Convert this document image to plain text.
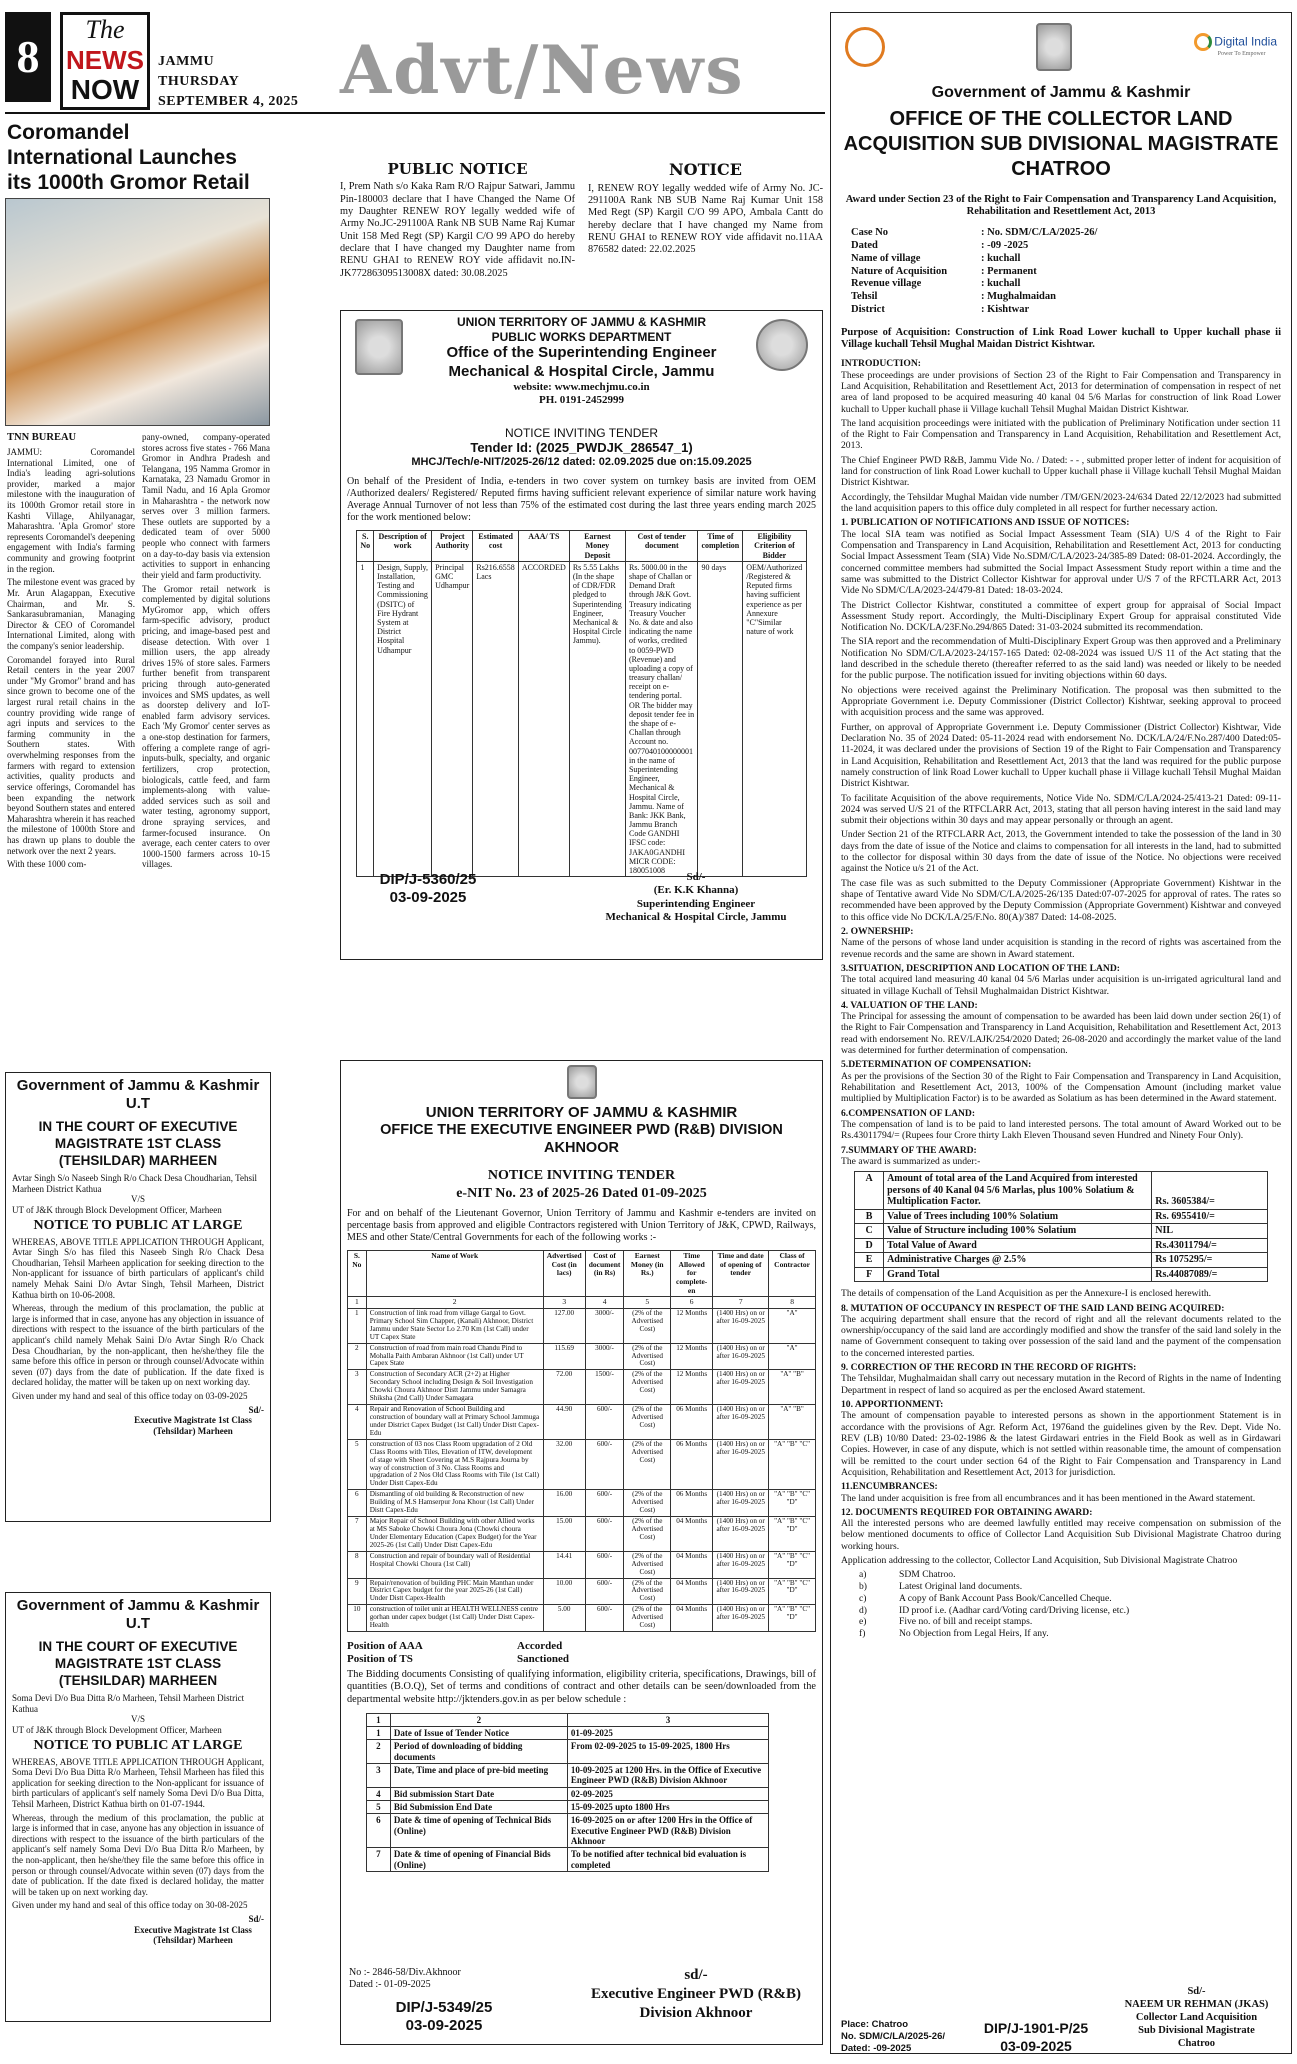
8
The
NEWS
NOW
JAMMU
THURSDAY
SEPTEMBER 4, 2025 Advt/News
Coromandel International Launches its 1000th Gromor Retail
TNN BUREAU

JAMMU: Coromandel International Limited, one of India's leading agri-solutions provider, marked a major milestone with the inauguration of its 1000th Gromor retail store in Kashti Village, Ahilyanagar, Maharashtra. 'Apla Gromor' store represents Coromandel's deepening engagement with India's farming community and growing footprint in the region.

The milestone event was graced by Mr. Arun Alagappan, Executive Chairman, and Mr. S. Sankarasubramanian, Managing Director & CEO of Coromandel International Limited, along with the company's senior leadership.

Coromandel forayed into Rural Retail centers in the year 2007 under "My Gromor" brand and has since grown to become one of the largest rural retail chains in the country providing wide range of agri inputs and services to the farming community in the Southern states. With overwhelming responses from the farmers with regard to extension activities, quality products and service offerings, Coromandel has been expanding the network beyond Southern states and entered Maharashtra wherein it has reached the milestone of 1000th Store and has drawn up plans to double the network over the next 2 years.

With these 1000 com-

pany-owned, company-operated stores across five states - 766 Mana Gromor in Andhra Pradesh and Telangana, 195 Namma Gromor in Karnataka, 23 Namadu Gromor in Tamil Nadu, and 16 Apla Gromor in Maharashtra - the network now serves over 3 million farmers. These outlets are supported by a dedicated team of over 5000 people who connect with farmers on a day-to-day basis via extension activities to support in enhancing their yield and farm productivity.

The Gromor retail network is complemented by digital solutions MyGromor app, which offers farm-specific advisory, product pricing, and image-based pest and disease detection. With over 1 million users, the app already drives 15% of store sales. Farmers further benefit from transparent pricing through auto-generated invoices and SMS updates, as well as doorstep delivery and IoT-enabled farm advisory services. Each 'My Gromor' center serves as a one-stop destination for farmers, offering a complete range of agri-inputs-bulk, specialty, and organic fertilizers, crop protection, biologicals, cattle feed, and farm implements-along with value-added services such as soil and water testing, agronomy support, drone spraying services, and farmer-focused insurance. On average, each center caters to over 1000-1500 farmers across 10-15 villages.

Government of Jammu & Kashmir U.T
IN THE COURT OF EXECUTIVE MAGISTRATE 1ST CLASS (TEHSILDAR) MARHEEN
Avtar Singh S/o Naseeb Singh R/o Chack Desa Choudharian, Tehsil Marheen District Kathua
V/S
UT of J&K through Block Development Officer, Marheen
NOTICE TO PUBLIC AT LARGE

WHEREAS, ABOVE TITLE APPLICATION THROUGH Applicant, Avtar Singh S/o has filed this Naseeb Singh R/o Chack Desa Choudharian, Tehsil Marheen application for seeking direction to the Non-applicant for issuance of birth particulars of applicant's child namely Mehak Saini D/o Avtar Singh, Tehsil Marheen, District Kathua birth on 10-06-2008.

Whereas, through the medium of this proclamation, the public at large is informed that in case, anyone has any objection in issuance of directions with respect to the issuance of the birth particulars of the applicant's child namely Mehak Saini D/o Avtar Singh R/o Chack Desa Choudharian, by the non-applicant, then he/she/they file the same before this office in person or through counsel/Advocate within seven (07) days from the date of publication. If the date fixed is declared holiday, the matter will be taken up on next working day.

Given under my hand and seal of this office today on 03-09-2025

Sd/-
Executive Magistrate 1st Class (Tehsildar) Marheen
Government of Jammu & Kashmir U.T
IN THE COURT OF EXECUTIVE MAGISTRATE 1ST CLASS (TEHSILDAR) MARHEEN
Soma Devi D/o Bua Ditta R/o Marheen, Tehsil Marheen District Kathua
V/S
UT of J&K through Block Development Officer, Marheen
NOTICE TO PUBLIC AT LARGE

WHEREAS, ABOVE TITLE APPLICATION THROUGH Applicant, Soma Devi D/o Bua Ditta R/o Marheen, Tehsil Marheen has filed this application for seeking direction to the Non-applicant for issuance of birth particulars of applicant's self namely Soma Devi D/o Bua Ditta, Tehsil Marheen, District Kathua birth on 01-07-1944.

Whereas, through the medium of this proclamation, the public at large is informed that in case, anyone has any objection in issuance of directions with respect to the issuance of the birth particulars of the applicant's self namely Soma Devi D/o Bua Ditta R/o Marheen, by the non-applicant, then he/she/they file the same before this office in person or through counsel/Advocate within seven (07) days from the date of publication. If the date fixed is declared holiday, the matter will be taken up on next working day.

Given under my hand and seal of this office today on 30-08-2025

Sd/-
Executive Magistrate 1st Class (Tehsildar) Marheen
PUBLIC NOTICE
I, Prem Nath s/o Kaka Ram R/O Rajpur Satwari, Jammu Pin-180003 declare that I have Changed the Name Of my Daughter RENEW ROY legally wedded wife of Army No.JC-291100A Rank NB SUB Name Raj Kumar Unit 158 Med Regt (SP) Kargil C/O 99 APO do hereby declare that I have changed my Daughter name from RENU GHAI to RENEW ROY vide affidavit no.IN-JK77286309513008X dated: 30.08.2025
NOTICE
I, RENEW ROY legally wedded wife of Army No. JC-291100A Rank NB SUB Name Raj Kumar Unit 158 Med Regt (SP) Kargil C/O 99 APO, Ambala Cantt do hereby declare that I have changed my Name from RENU GHAI to RENEW ROY vide affidavit no.11AA 876582 dated: 22.02.2025
UNION TERRITORY OF JAMMU & KASHMIR
PUBLIC WORKS DEPARTMENT
Office of the Superintending Engineer
Mechanical & Hospital Circle, Jammu
website: www.mechjmu.co.in
PH. 0191-2452999
NOTICE INVITING TENDER
Tender Id: (2025_PWDJK_286547_1)
MHCJ/Tech/e-NIT/2025-26/12 dated: 02.09.2025 due on:15.09.2025
On behalf of the President of India, e-tenders in two cover system on turnkey basis are invited from OEM /Authorized dealers/ Registered/ Reputed firms having sufficient relevant experience of similar nature work having Average Annual Turnover of not less than 75% of the estimated cost during the last three years ending march 2025 for the work mentioned below:
S. No	Description of work	Project Authority	Estimated cost	AAA/ TS	Earnest Money Deposit	Cost of tender document	Time of completion	Eligibility Criterion of Bidder
1	Design, Supply, Installation, Testing and Commissioning (DSITC) of Fire Hydrant System at District Hospital Udhampur	Principal GMC Udhampur	Rs216.6558 Lacs	ACCORDED	Rs 5.55 Lakhs (In the shape of CDR/FDR pledged to Superintending Engineer, Mechanical & Hospital Circle Jammu).	Rs. 5000.00 in the shape of Challan or Demand Draft through J&K Govt. Treasury indicating Treasury Voucher No. & date and also indicating the name of works, credited to 0059-PWD (Revenue) and uploading a copy of treasury challan/ receipt on e-tendering portal. OR The bidder may deposit tender fee in the shape of e-Challan through Account no. 0077040100000001 in the name of Superintending Engineer, Mechanical & Hospital Circle, Jammu. Name of Bank: JKK Bank, Jammu Branch Code GANDHI IFSC code: JAKA0GANDHI MICR CODE: 180051008	90 days	OEM/Authorized /Registered & Reputed firms having sufficient experience as per Annexure "C"Similar nature of work
DIP/J-5360/25
03-09-2025
Sd/-
(Er. K.K Khanna)
Superintending Engineer
Mechanical & Hospital Circle, Jammu
UNION TERRITORY OF JAMMU & KASHMIR
OFFICE THE EXECUTIVE ENGINEER PWD (R&B) DIVISION AKHNOOR
NOTICE INVITING TENDER
e-NIT No. 23 of 2025-26 Dated 01-09-2025
For and on behalf of the Lieutenant Governor, Union Territory of Jammu and Kashmir e-tenders are invited on percentage basis from approved and eligible Contractors registered with Union Territory of J&K, CPWD, Railways, MES and other State/Central Governments for each of the following works :-
S. No	Name of Work	Advertised Cost (in lacs)	Cost of document (in Rs)	Earnest Money (in Rs.)	Time Allowed for complete-en	Time and date of opening of tender	Class of Contractor
1	2	3	4	5	6	7	8
1	Construction of link road from village Gargal to Govt. Primary School Sim Chapper, (Kanali) Akhnoor, District Jammu under State Sector Lo 2.70 Km (1st Call) under UT Capex State	127.00	3000/-	(2% of the Advertised Cost)	12 Months	(1400 Hrs) on or after 16-09-2025	"A"
2	Construction of road from main road Chandu Pind to Mohalla Paith Ambaran Akhnoor (1st Call) under UT Capex State	115.69	3000/-	(2% of the Advertised Cost)	12 Months	(1400 Hrs) on or after 16-09-2025	"A"
3	Construction of Secondary ACR (2+2) at Higher Secondary School including Design & Soil Investigation Chowki Choura Akhnoor Distt Jammu under Samagra Shiksha (2nd Call) Under Samagara	72.00	1500/-	(2% of the Advertised Cost)	12 Months	(1400 Hrs) on or after 16-09-2025	"A" "B"
4	Repair and Renovation of School Building and construction of boundary wall at Primary School Jammuga under District Capex Budget (1st Call) Under Distt Capex- Edu	44.90	600/-	(2% of the Advertised Cost)	06 Months	(1400 Hrs) on or after 16-09-2025	"A" "B"
5	construction of 03 nos Class Room upgradation of 2 Old Class Rooms with Tiles, Elevation of ITW, development of stage with Sheet Covering at M.S Rajpura Journa by way of construction of 3 No. Class Rooms and upgradation of 2 Nos Old Class Rooms with Tile (1st Call) Under Distt Capex-Edu	32.00	600/-	(2% of the Advertised Cost)	06 Months	(1400 Hrs) on or after 16-09-2025	"A" "B" "C"
6	Dismantling of old building & Reconstruction of new Building of M.S Hamserpur Jona Khour (1st Call) Under Distt Capex-Edu	16.00	600/-	(2% of the Advertised Cost)	06 Months	(1400 Hrs) on or after 16-09-2025	"A" "B" "C" "D"
7	Major Repair of School Building with other Allied works at MS Saboke Chowki Choura Jona (Chowki choura Under Elementary Education (Capex Budget) for the Year 2025-26 (1st Call) Under Distt Capex-Edu	15.00	600/-	(2% of the Advertised Cost)	04 Months	(1400 Hrs) on or after 16-09-2025	"A" "B" "C" "D"
8	Construction and repair of boundary wall of Residential Hospital Chowki Choura (1st Call)	14.41	600/-	(2% of the Advertised Cost)	04 Months	(1400 Hrs) on or after 16-09-2025	"A" "B" "C" "D"
9	Repair/renovation of building PHC Main Manthan under District Capex budget for the year 2025-26 (1st Call) Under Distt Capex-Health	10.00	600/-	(2% of the Advertised Cost)	04 Months	(1400 Hrs) on or after 16-09-2025	"A" "B" "C" "D"
10	construction of toilet unit at HEALTH WELLNESS centre gorhan under capex budget (1st Call) Under Distt Capex- Health	5.00	600/-	(2% of the Advertised Cost)	04 Months	(1400 Hrs) on or after 16-09-2025	"A" "B" "C" "D"
Position of AAA	Accorded
Position of TS	Sanctioned
The Bidding documents Consisting of qualifying information, eligibility criteria, specifications, Drawings, bill of quantities (B.O.Q), Set of terms and conditions of contract and other details can be seen/downloaded from the departmental website http://jktenders.gov.in as per below schedule :
1	2	3
1	Date of Issue of Tender Notice	01-09-2025
2	Period of downloading of bidding documents	From 02-09-2025 to 15-09-2025, 1800 Hrs
3	Date, Time and place of pre-bid meeting	10-09-2025 at 1200 Hrs. in the Office of Executive Engineer PWD (R&B) Division Akhnoor
4	Bid submission Start Date	02-09-2025
5	Bid Submission End Date	15-09-2025 upto 1800 Hrs
6	Date & time of opening of Technical Bids (Online)	16-09-2025 on or after 1200 Hrs in the Office of Executive Engineer PWD (R&B) Division Akhnoor
7	Date & time of opening of Financial Bids (Online)	To be notified after technical bid evaluation is completed
No :- 2846-58/Div.Akhnoor
Dated :- 01-09-2025
DIP/J-5349/25
03-09-2025
sd/-
Executive Engineer PWD (R&B) Division Akhnoor
Digital India
Power To Empower
Government of Jammu & Kashmir
OFFICE OF THE COLLECTOR LAND ACQUISITION SUB DIVISIONAL MAGISTRATE CHATROO
Award under Section 23 of the Right to Fair Compensation and Transparency Land Acquisition, Rehabilitation and Resettlement Act, 2013
Case No	: No. SDM/C/LA/2025-26/
Dated	: -09 -2025
Name of village	: kuchall
Nature of Acquisition	: Permanent
Revenue village	: kuchall
Tehsil	: Mughalmaidan
District	: Kishtwar
Purpose of Acquisition: Construction of Link Road Lower kuchall to Upper kuchall phase ii Village kuchall Tehsil Mughal Maidan District Kishtwar.
INTRODUCTION:

These proceedings are under provisions of Section 23 of the Right to Fair Compensation and Transparency in Land Acquisition, Rehabilitation and Resettlement Act, 2013 for determination of compensation in respect of net area of land proposed to be acquired measuring 40 kanal 04 5/6 Marlas for construction of link Road Lower kuchall to Upper kuchall phase ii Village kuchall Tehsil Mughal Maidan District Kishtwar.

The land acquisition proceedings were initiated with the publication of Preliminary Notification under section 11 of the Right to Fair Compensation and Transparency in Land Acquisition, Rehabilitation and Resettlement Act, 2013.

The Chief Engineer PWD R&B, Jammu Vide No. / Dated: - - , submitted proper letter of indent for acquisition of land for construction of link Road Lower kuchall to Upper kuchall phase ii Village kuchall Tehsil Mughal Maidan District Kishtwar.

Accordingly, the Tehsildar Mughal Maidan vide number /TM/GEN/2023-24/634 Dated 22/12/2023 had submitted the land acquisition papers to this office duly completed in all respect for further necessary action.

1. PUBLICATION OF NOTIFICATIONS AND ISSUE OF NOTICES:

The local SIA team was notified as Social Impact Assessment Team (SIA) U/S 4 of the Right to Fair Compensation and Transparency in Land Acquisition, Rehabilitation and Resettlement Act, 2013 for conducting Social Impact Assessment Team (SIA) Vide No.SDM/C/LA/2023-24/385-89 Dated: 08-01-2024. Accordingly, the concerned committee members had submitted the Social Impact Assessment Study report within a time and the same was submitted to the District Collector Kishtwar for approval under U/S 7 of the RFCTLARR Act, 2013 Vide No SDM/C/LA/2023-24/479-81 Dated: 18-03-2024.

The District Collector Kishtwar, constituted a committee of expert group for appraisal of Social Impact Assessment Study report. Accordingly, the Multi-Disciplinary Expert Group for appraisal constituted Vide Notification No. DCK/LA/23F.No.294/865 Dated: 31-03-2024 submitted its recommendation.

The SIA report and the recommendation of Multi-Disciplinary Expert Group was then approved and a Preliminary Notification No SDM/C/LA/2023-24/157-165 Dated: 02-08-2024 was issued U/S 11 of the Act stating that the land described in the schedule thereto (thereafter referred to as the said land) was needed or likely to be needed for the public purpose. The notification issued for inviting objections within 60 days.

No objections were received against the Preliminary Notification. The proposal was then submitted to the Appropriate Government i.e. Deputy Commissioner (District Collector) Kishtwar, seeking approval to proceed with acquisition process and the same was approved.

Further, on approval of Appropriate Government i.e. Deputy Commissioner (District Collector) Kishtwar, Vide Declaration No. 35 of 2024 Dated: 05-11-2024 read with endorsement No. DCK/LA/24/F.No.287/400 Dated:05-11-2024, it was declared under the provisions of Section 19 of the Right to Fair Compensation and Transparency in Land Acquisition, Rehabilitation and Resettlement Act, 2013 that the land was required for the public purpose namely construction of link Road Lower kuchall to Upper kuchall phase ii Village kuchall Tehsil Mughal Maidan District Kishtwar.

To facilitate Acquisition of the above requirements, Notice Vide No. SDM/C/LA/2024-25/413-21 Dated: 09-11-2024 was served U/S 21 of the RTFCLARR Act, 2013, stating that all person having interest in the said land may submit their objections within 30 days and may appear personally or through an agent.

Under Section 21 of the RTFCLARR Act, 2013, the Government intended to take the possession of the land in 30 days from the date of issue of the Notice and claims to compensation for all interests in the land, had to submitted to the collector for disposal within 30 days from the date of issue of the Notice. No objections were received against the Notice u/s 21 of the Act.

The case file was as such submitted to the Deputy Commissioner (Appropriate Government) Kishtwar in the shape of Tentative award Vide No SDM/C/LA/2025-26/135 Dated:07-07-2025 for approval of rates. The rates so recommended have been approved by the Deputy Commission (Appropriate Government) Kishtwar and conveyed to this office vide No DCK/LA/25/F.No. 80(A)/387 Dated: 14-08-2025.

2. OWNERSHIP:

Name of the persons of whose land under acquisition is standing in the record of rights was ascertained from the revenue records and the same are shown in Award statement.

3.SITUATION, DESCRIPTION AND LOCATION OF THE LAND:

The total acquired land measuring 40 kanal 04 5/6 Marlas under acquisition is un-irrigated agricultural land and situated in village Kuchall of Tehsil Mughalmaidan District Kishtwar.

4. VALUATION OF THE LAND:

The Principal for assessing the amount of compensation to be awarded has been laid down under section 26(1) of the Right to Fair Compensation and Transparency in Land Acquisition, Rehabilitation and Resettlement Act, 2013 read with endorsement No. REV/LAJK/254/2020 Dated; 26-08-2020 and accordingly the market value of the land was determined for further determination of compensation.

5.DETERMINATION OF COMPENSATION:

As per the provisions of the Section 30 of the Right to Fair Compensation and Transparency in Land Acquisition, Rehabilitation and Resettlement Act, 2013, 100% of the Compensation Amount (including market value multiplied by Multiplication Factor) is to be awarded as Solatium as has been determined in the Award statement.

6.COMPENSATION OF LAND:

The compensation of land is to be paid to land interested persons. The total amount of Award Worked out to be Rs.43011794/= (Rupees four Crore thirty Lakh Eleven Thousand seven Hundred and Ninety Four Only).

7.SUMMARY OF THE AWARD:

The award is summarized as under:-

A	Amount of total area of the Land Acquired from interested persons of 40 Kanal 04 5/6 Marlas, plus 100% Solatium & Multiplication Factor.	Rs. 3605384/=
B	Value of Trees including 100% Solatium	Rs. 6955410/=
C	Value of Structure including 100% Solatium	NIL
D	Total Value of Award	Rs.43011794/=
E	Administrative Charges @ 2.5%	Rs 1075295/=
F	Grand Total	Rs.44087089/=

The details of compensation of the Land Acquisition as per the Annexure-I is enclosed herewith.

8. MUTATION OF OCCUPANCY IN RESPECT OF THE SAID LAND BEING ACQUIRED:

The acquiring department shall ensure that the record of right and all the relevant documents related to the ownership/occupancy of the said land are accordingly modified and show the transfer of the said land solely in the name of Government consequent to taking over possession of the said land and the payment of the compensation to the concerned interested parties.

9. CORRECTION OF THE RECORD IN THE RECORD OF RIGHTS:

The Tehsildar, Mughalmaidan shall carry out necessary mutation in the Record of Rights in the name of Indenting Department in respect of land so acquired as per the enclosed Award statement.

10. APPORTIONMENT:

The amount of compensation payable to interested persons as shown in the apportionment Statement is in accordance with the provisions of Agr. Reform Act, 1976and the guidelines given by the Rev. Dept. Vide No. REV (LB) 10/80 Dated: 23-02-1986 & the latest Girdawari entries in the Field Book as well as in Girdawari Copies. However, in case of any dispute, which is not settled within reasonable time, the amount of compensation will be remitted to the court under section 64 of the Right to Fair Compensation and Transparency in Land Acquisition, Rehabilitation and Resettlement Act, 2013 for jurisdiction.

11.ENCUMBRANCES:

The land under acquisition is free from all encumbrances and it has been mentioned in the Award statement.

12. DOCUMENTS REQUIRED FOR OBTAINING AWARD:

All the interested persons who are deemed lawfully entitled may receive compensation on submission of the below mentioned documents to office of Collector Land Acquisition Sub Divisional Magistrate Chatroo during working hours.

Application addressing to the collector, Collector Land Acquisition, Sub Divisional Magistrate Chatroo

a)	SDM Chatroo.
b)	Latest Original land documents.
c)	A copy of Bank Account Pass Book/Cancelled Cheque.
d)	ID proof i.e. (Aadhar card/Voting card/Driving license, etc.)
e)	Five no. of bill and receipt stamps.
f)	No Objection from Legal Heirs, If any.
Place: Chatroo
No. SDM/C/LA/2025-26/
Dated: -09-2025
DIP/J-1901-P/25
03-09-2025
Sd/-
NAEEM UR REHMAN (JKAS)
Collector Land Acquisition
Sub Divisional Magistrate
Chatroo
